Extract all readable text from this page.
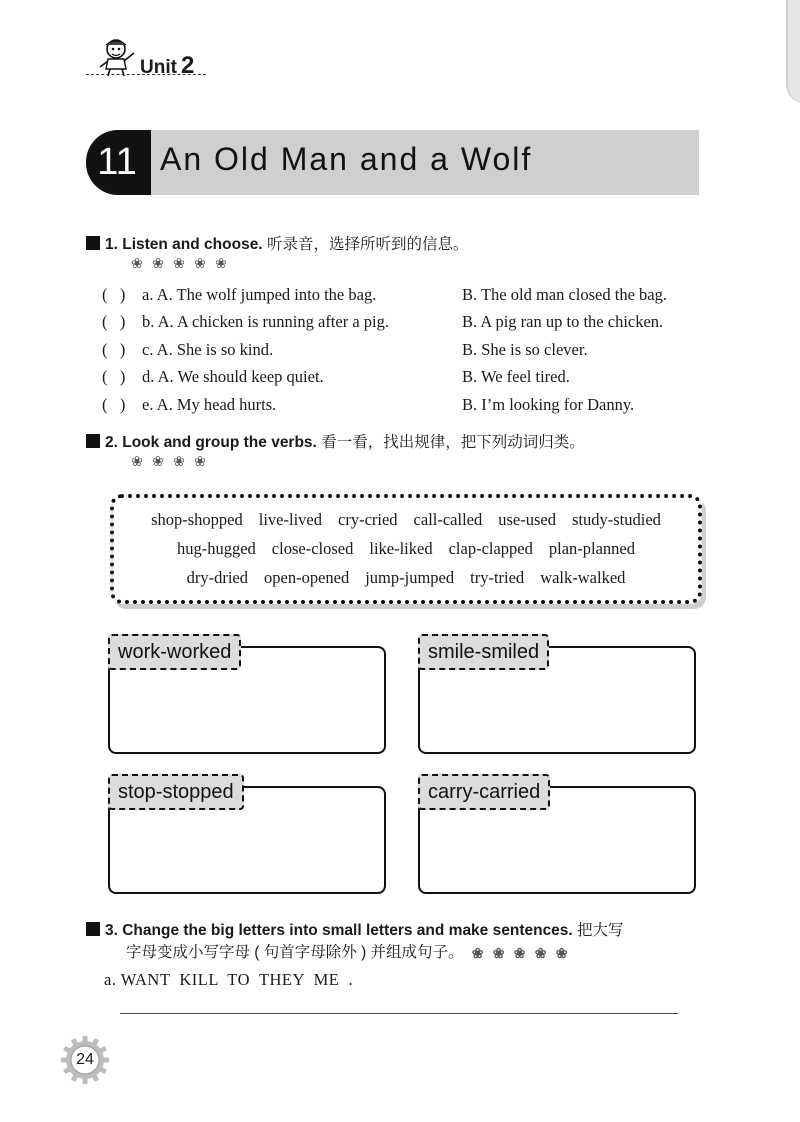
Unit 2
11 An Old Man and a Wolf
1. Listen and choose. 听录音，选择所听到的信息。
❀ ❀ ❀ ❀ ❀
(   ) a. A. The wolf jumped into the bag.	B. The old man closed the bag.
(   ) b. A. A chicken is running after a pig.	B. A pig ran up to the chicken.
(   ) c. A. She is so kind.	B. She is so clever.
(   ) d. A. We should keep quiet.	B. We feel tired.
(   ) e. A. My head hurts.	B. I’m looking for Danny.
2. Look and group the verbs. 看一看，找出规律，把下列动词归类。
❀ ❀ ❀ ❀
shop-shopped live-lived cry-cried call-called use-used study-studied
hug-hugged close-closed like-liked clap-clapped plan-planned
dry-dried open-opened jump-jumped try-tried walk-walked
work-worked	smile-smiled
stop-stopped	carry-carried
3. Change the big letters into small letters and make sentences. 把大写
字母变成小写字母 ( 句首字母除外 ) 并组成句子。 ❀ ❀ ❀ ❀ ❀
a. WANT  KILL  TO  THEY  ME  .
24
